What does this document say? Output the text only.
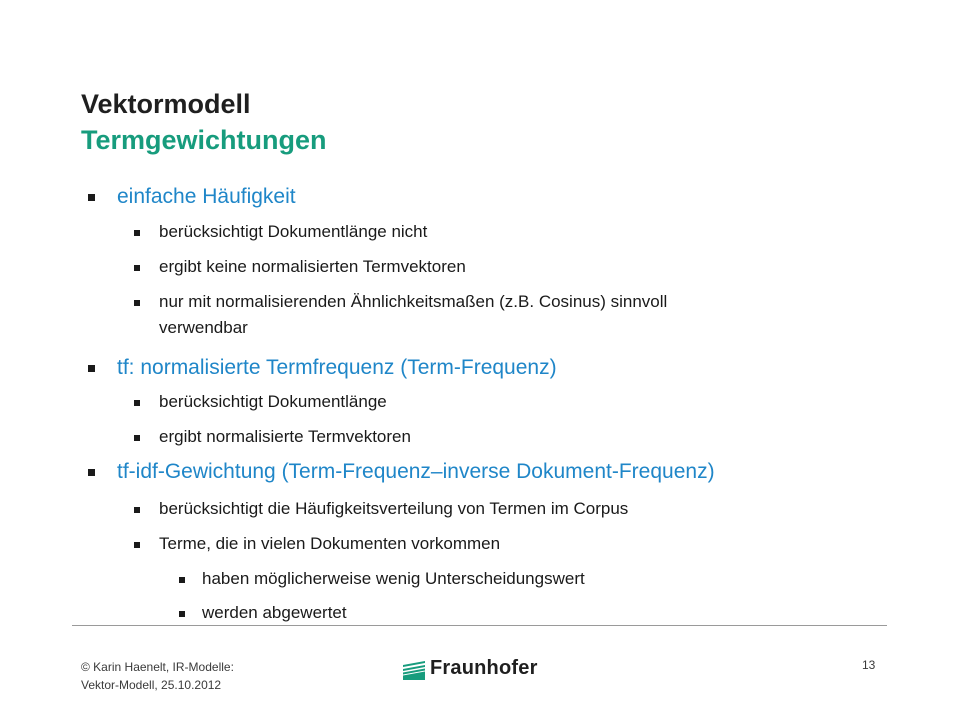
Vektormodell
Termgewichtungen
einfache Häufigkeit
berücksichtigt Dokumentlänge nicht
ergibt keine normalisierten Termvektoren
nur mit normalisierenden Ähnlichkeitsmaßen (z.B. Cosinus) sinnvoll
verwendbar
tf: normalisierte Termfrequenz (Term-Frequenz)
berücksichtigt Dokumentlänge
ergibt normalisierte Termvektoren
tf-idf-Gewichtung (Term-Frequenz–inverse Dokument-Frequenz)
berücksichtigt die Häufigkeitsverteilung von Termen im Corpus
Terme, die in vielen Dokumenten vorkommen
haben möglicherweise wenig Unterscheidungswert
werden abgewertet
© Karin Haenelt, IR-Modelle:
Vektor-Modell, 25.10.2012
Fraunhofer	13
